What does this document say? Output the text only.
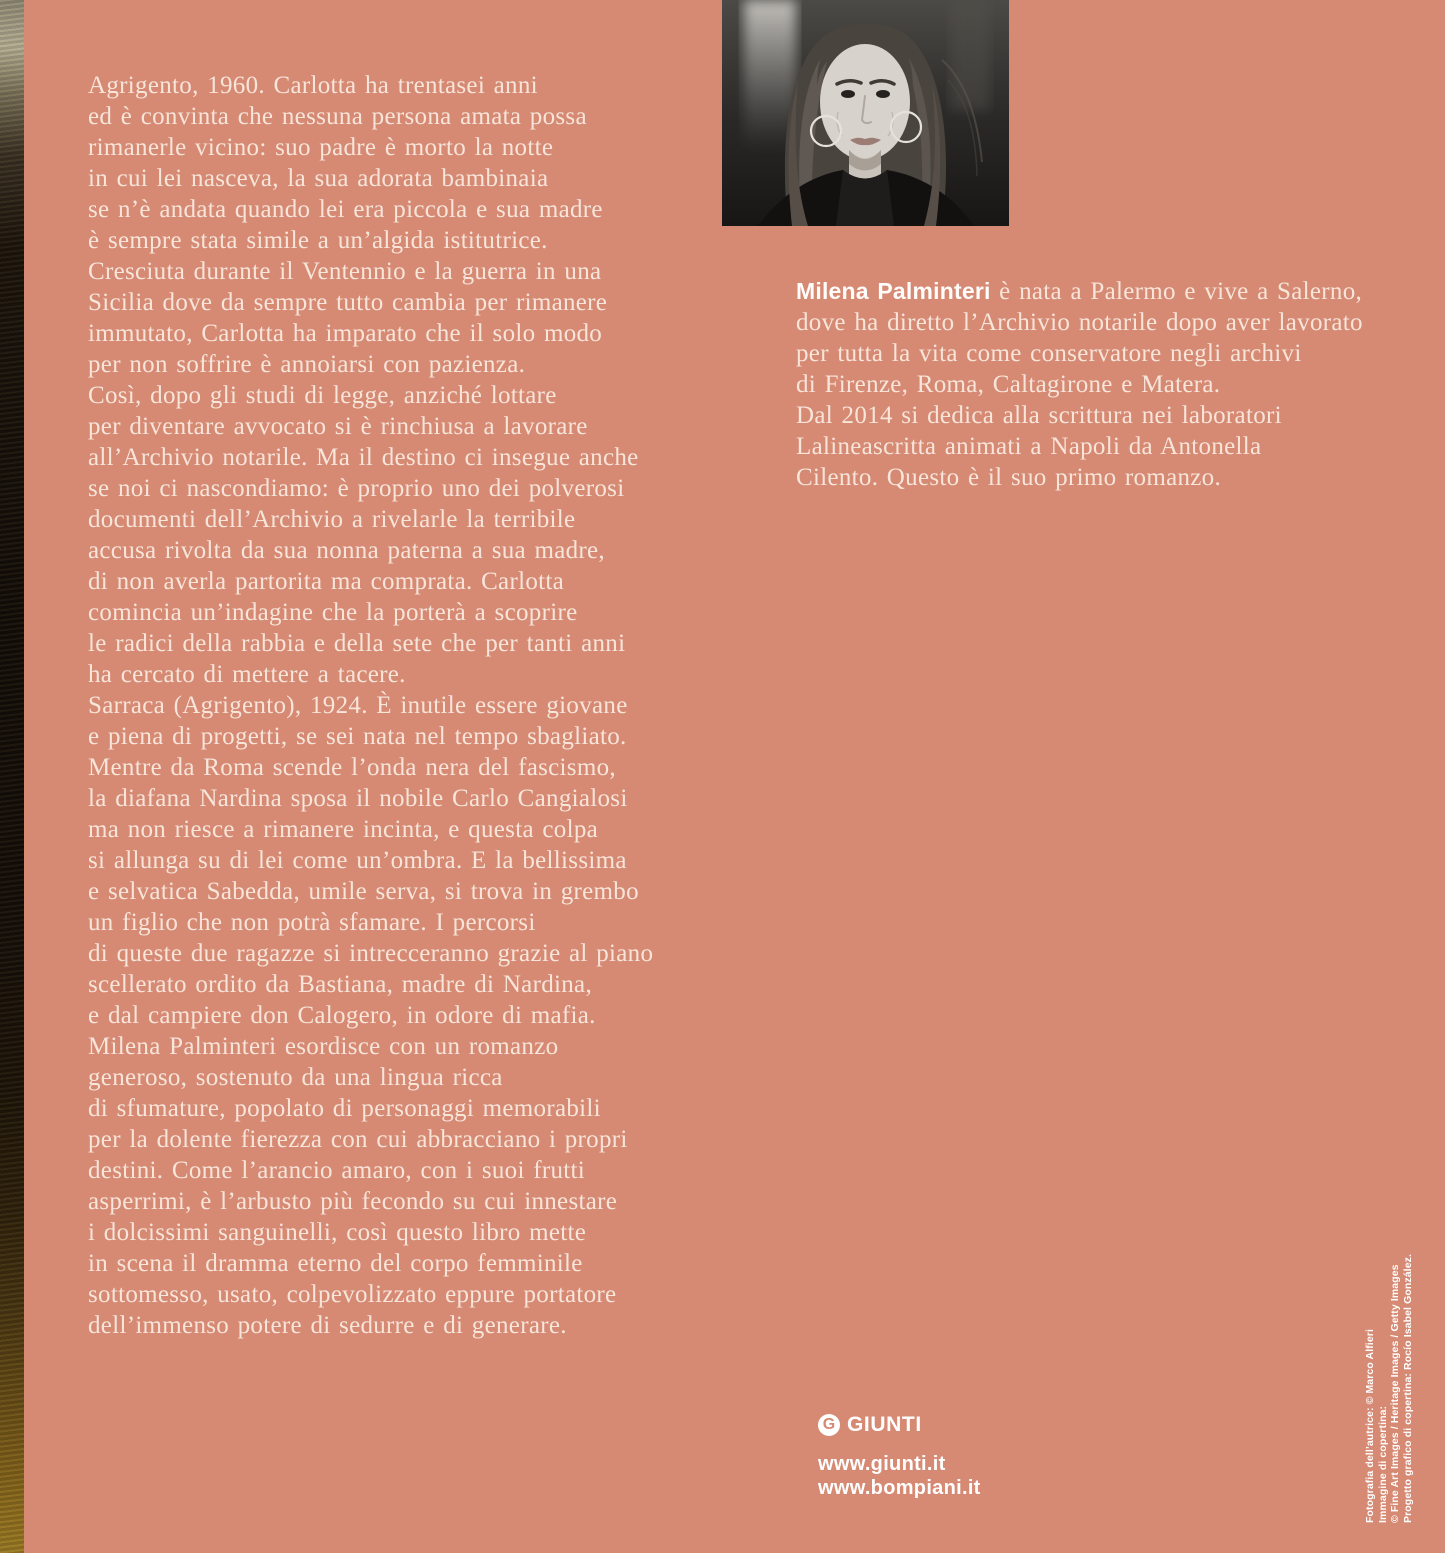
Agrigento, 1960. Carlotta ha trentasei anni
ed è convinta che nessuna persona amata possa
rimanerle vicino: suo padre è morto la notte
in cui lei nasceva, la sua adorata bambinaia
se n’è andata quando lei era piccola e sua madre
è sempre stata simile a un’algida istitutrice.
Cresciuta durante il Ventennio e la guerra in una
Sicilia dove da sempre tutto cambia per rimanere
immutato, Carlotta ha imparato che il solo modo
per non soffrire è annoiarsi con pazienza.
Così, dopo gli studi di legge, anziché lottare
per diventare avvocato si è rinchiusa a lavorare
all’Archivio notarile. Ma il destino ci insegue anche
se noi ci nascondiamo: è proprio uno dei polverosi
documenti dell’Archivio a rivelarle la terribile
accusa rivolta da sua nonna paterna a sua madre,
di non averla partorita ma comprata. Carlotta
comincia un’indagine che la porterà a scoprire
le radici della rabbia e della sete che per tanti anni
ha cercato di mettere a tacere.
Sarraca (Agrigento), 1924. È inutile essere giovane
e piena di progetti, se sei nata nel tempo sbagliato.
Mentre da Roma scende l’onda nera del fascismo,
la diafana Nardina sposa il nobile Carlo Cangialosi
ma non riesce a rimanere incinta, e questa colpa
si allunga su di lei come un’ombra. E la bellissima
e selvatica Sabedda, umile serva, si trova in grembo
un figlio che non potrà sfamare. I percorsi
di queste due ragazze si intrecceranno grazie al piano
scellerato ordito da Bastiana, madre di Nardina,
e dal campiere don Calogero, in odore di mafia.
Milena Palminteri esordisce con un romanzo
generoso, sostenuto da una lingua ricca
di sfumature, popolato di personaggi memorabili
per la dolente fierezza con cui abbracciano i propri
destini. Come l’arancio amaro, con i suoi frutti
asperrimi, è l’arbusto più fecondo su cui innestare
i dolcissimi sanguinelli, così questo libro mette
in scena il dramma eterno del corpo femminile
sottomesso, usato, colpevolizzato eppure portatore
dell’immenso potere di sedurre e di generare.
Milena Palminteri è nata a Palermo e vive a Salerno,
dove ha diretto l’Archivio notarile dopo aver lavorato
per tutta la vita come conservatore negli archivi
di Firenze, Roma, Caltagirone e Matera.
Dal 2014 si dedica alla scrittura nei laboratori
Lalineascritta animati a Napoli da Antonella
Cilento. Questo è il suo primo romanzo.
G GIUNTI
www.giunti.it
www.bompiani.it	Fotografia dell’autrice: © Marco Alfieri Immagine di copertina: © Fine Art Images / Heritage Images / Getty Images Progetto grafico di copertina: Rocío Isabel González.
